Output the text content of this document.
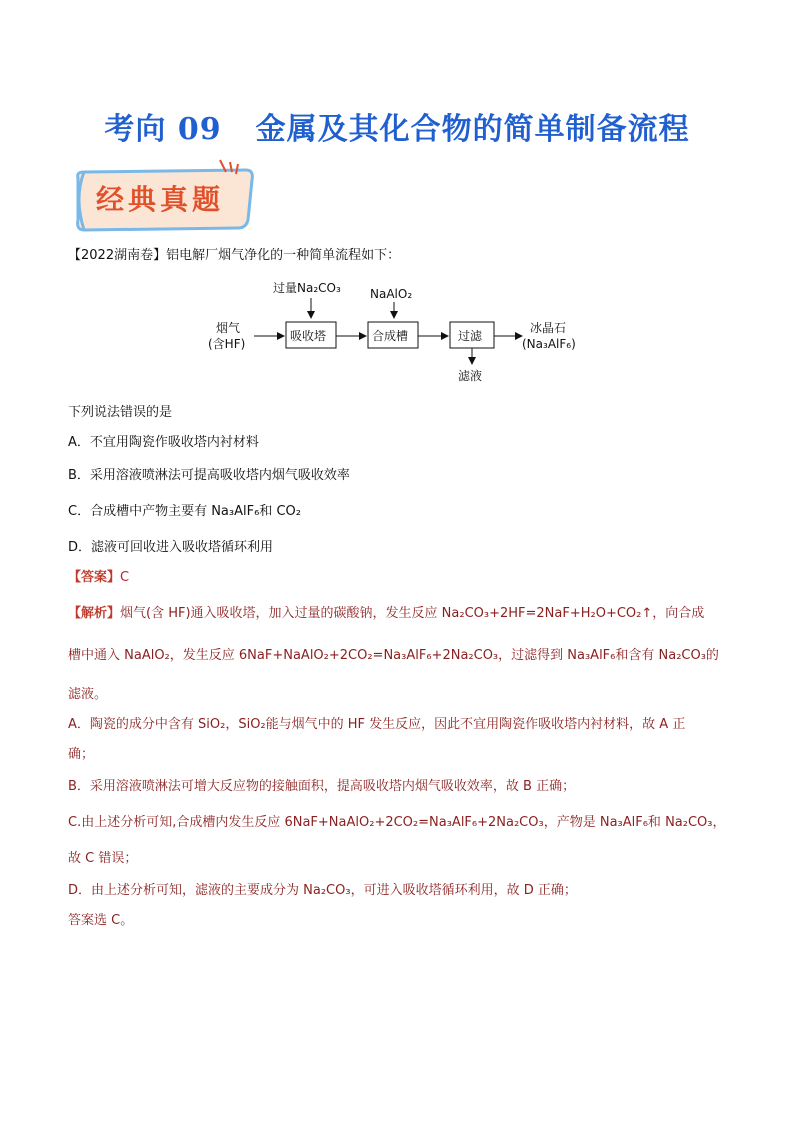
考向 09 金属及其化合物的简单制备流程
经典真题
【2022湖南卷】铝电解厂烟气净化的一种简单流程如下：
过量Na₂CO₃ NaAlO₂
烟气
(含HF)
吸收塔	合成槽	过滤
冰晶石
(Na₃AlF₆)
滤液
下列说法错误的是
A．不宜用陶瓷作吸收塔内衬材料
B．采用溶液喷淋法可提高吸收塔内烟气吸收效率
C．合成槽中产物主要有 Na₃AlF₆和 CO₂
D．滤液可回收进入吸收塔循环利用
【答案】C
【解析】烟气(含 HF)通入吸收塔，加入过量的碳酸钠，发生反应 Na₂CO₃+2HF=2NaF+H₂O+CO₂↑，向合成
槽中通入 NaAlO₂，发生反应 6NaF+NaAlO₂+2CO₂=Na₃AlF₆+2Na₂CO₃，过滤得到 Na₃AlF₆和含有 Na₂CO₃的
滤液。
A．陶瓷的成分中含有 SiO₂，SiO₂能与烟气中的 HF 发生反应，因此不宜用陶瓷作吸收塔内衬材料，故 A 正
确；
B．采用溶液喷淋法可增大反应物的接触面积，提高吸收塔内烟气吸收效率，故 B 正确；
C.由上述分析可知,合成槽内发生反应 6NaF+NaAlO₂+2CO₂=Na₃AlF₆+2Na₂CO₃，产物是 Na₃AlF₆和 Na₂CO₃，
故 C 错误；
D．由上述分析可知，滤液的主要成分为 Na₂CO₃，可进入吸收塔循环利用，故 D 正确；
答案选 C。
